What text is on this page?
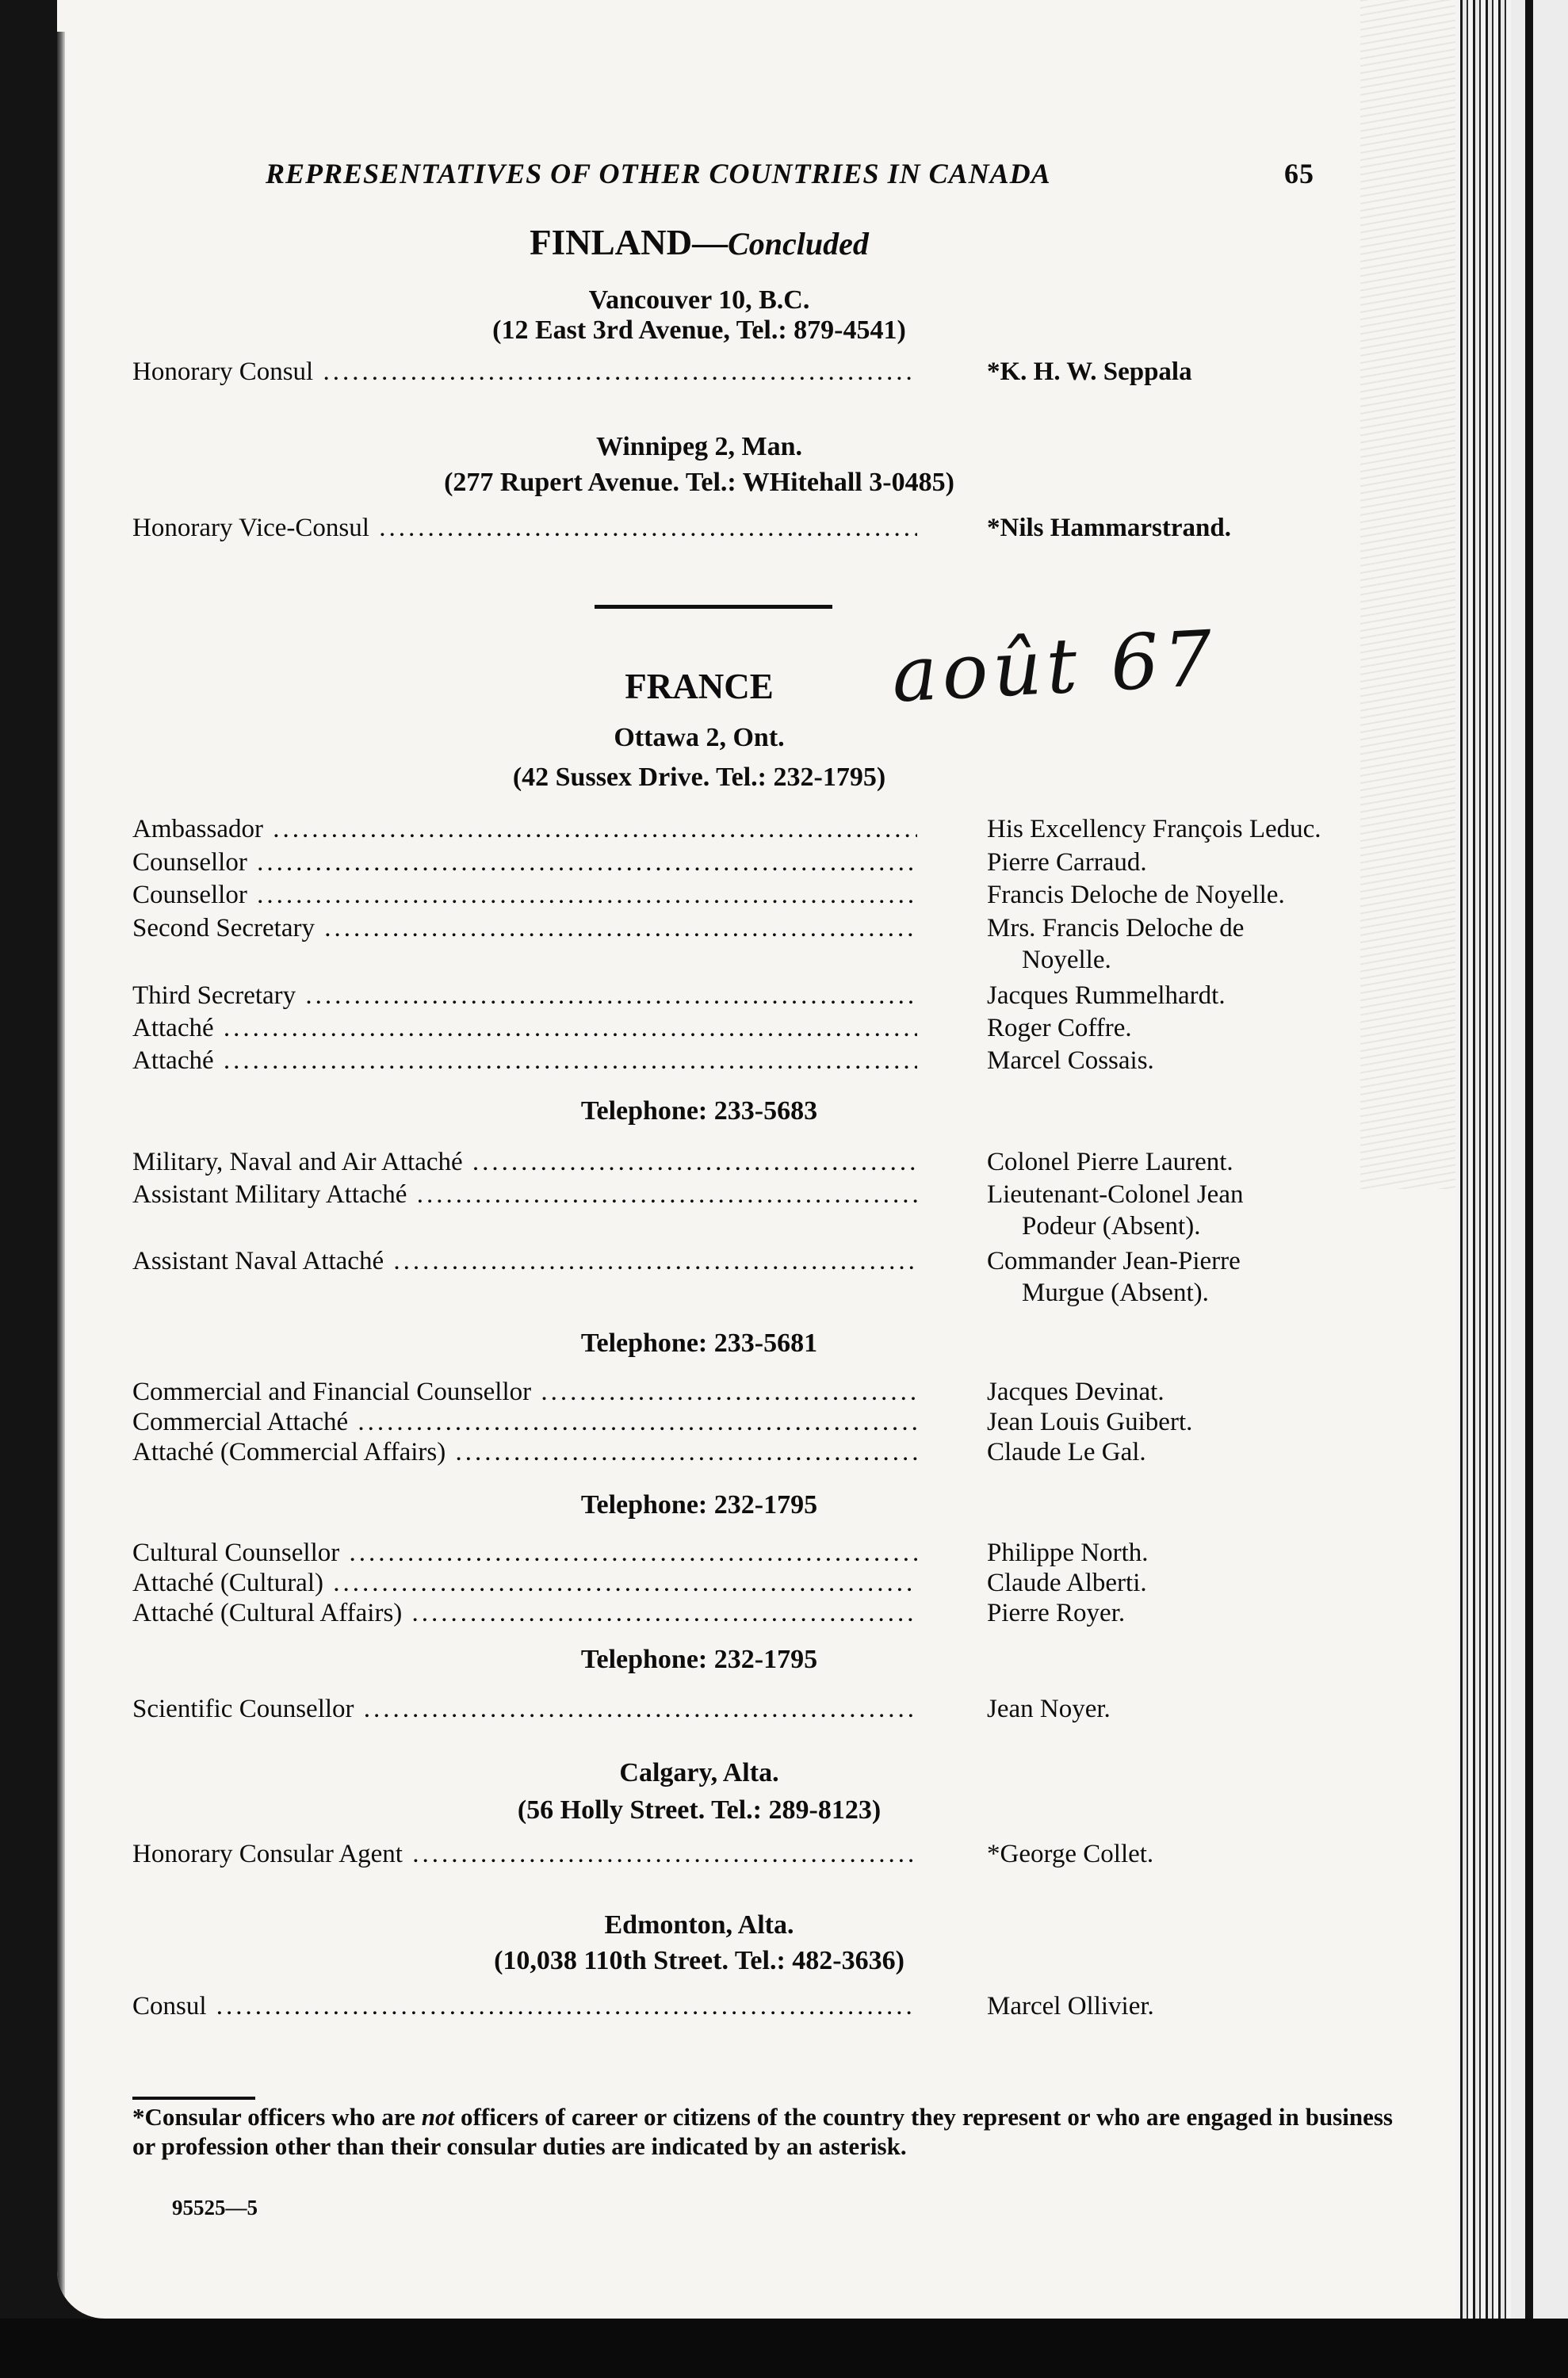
REPRESENTATIVES OF OTHER COUNTRIES IN CANADA	65
FINLAND—Concluded
Vancouver 10, B.C.
(12 East 3rd Avenue, Tel.: 879-4541)
Honorary Consul .....	*K. H. W. Seppala
Winnipeg 2, Man.
(277 Rupert Avenue. Tel.: WHitehall 3-0485)
Honorary Vice-Consul .....	*Nils Hammarstrand.
FRANCE	août 67
Ottawa 2, Ont.
(42 Sussex Drive. Tel.: 232-1795)
Ambassador .....	His Excellency François Leduc.
Counsellor .....	Pierre Carraud.
Counsellor .....	Francis Deloche de Noyelle.
Second Secretary .....	Mrs. Francis Deloche de
Noyelle.
Third Secretary .....	Jacques Rummelhardt.
Attaché .....	Roger Coffre.
Attaché .....	Marcel Cossais.
Telephone: 233-5683
Military, Naval and Air Attaché .....	Colonel Pierre Laurent.
Assistant Military Attaché .....	Lieutenant-Colonel Jean
Podeur (Absent).
Assistant Naval Attaché .....	Commander Jean-Pierre
Murgue (Absent).
Telephone: 233-5681
Commercial and Financial Counsellor .....	Jacques Devinat.
Commercial Attaché .....	Jean Louis Guibert.
Attaché (Commercial Affairs) .....	Claude Le Gal.
Telephone: 232-1795
Cultural Counsellor .....	Philippe North.
Attaché (Cultural) .....	Claude Alberti.
Attaché (Cultural Affairs) .....	Pierre Royer.
Telephone: 232-1795
Scientific Counsellor .....	Jean Noyer.
Calgary, Alta.
(56 Holly Street. Tel.: 289-8123)
Honorary Consular Agent .....	*George Collet.
Edmonton, Alta.
(10,038 110th Street. Tel.: 482-3636)
Consul .....	Marcel Ollivier.
*Consular officers who are not officers of career or citizens of the country they represent or who are engaged in business or profession other than their consular duties are indicated by an asterisk.
95525—5
